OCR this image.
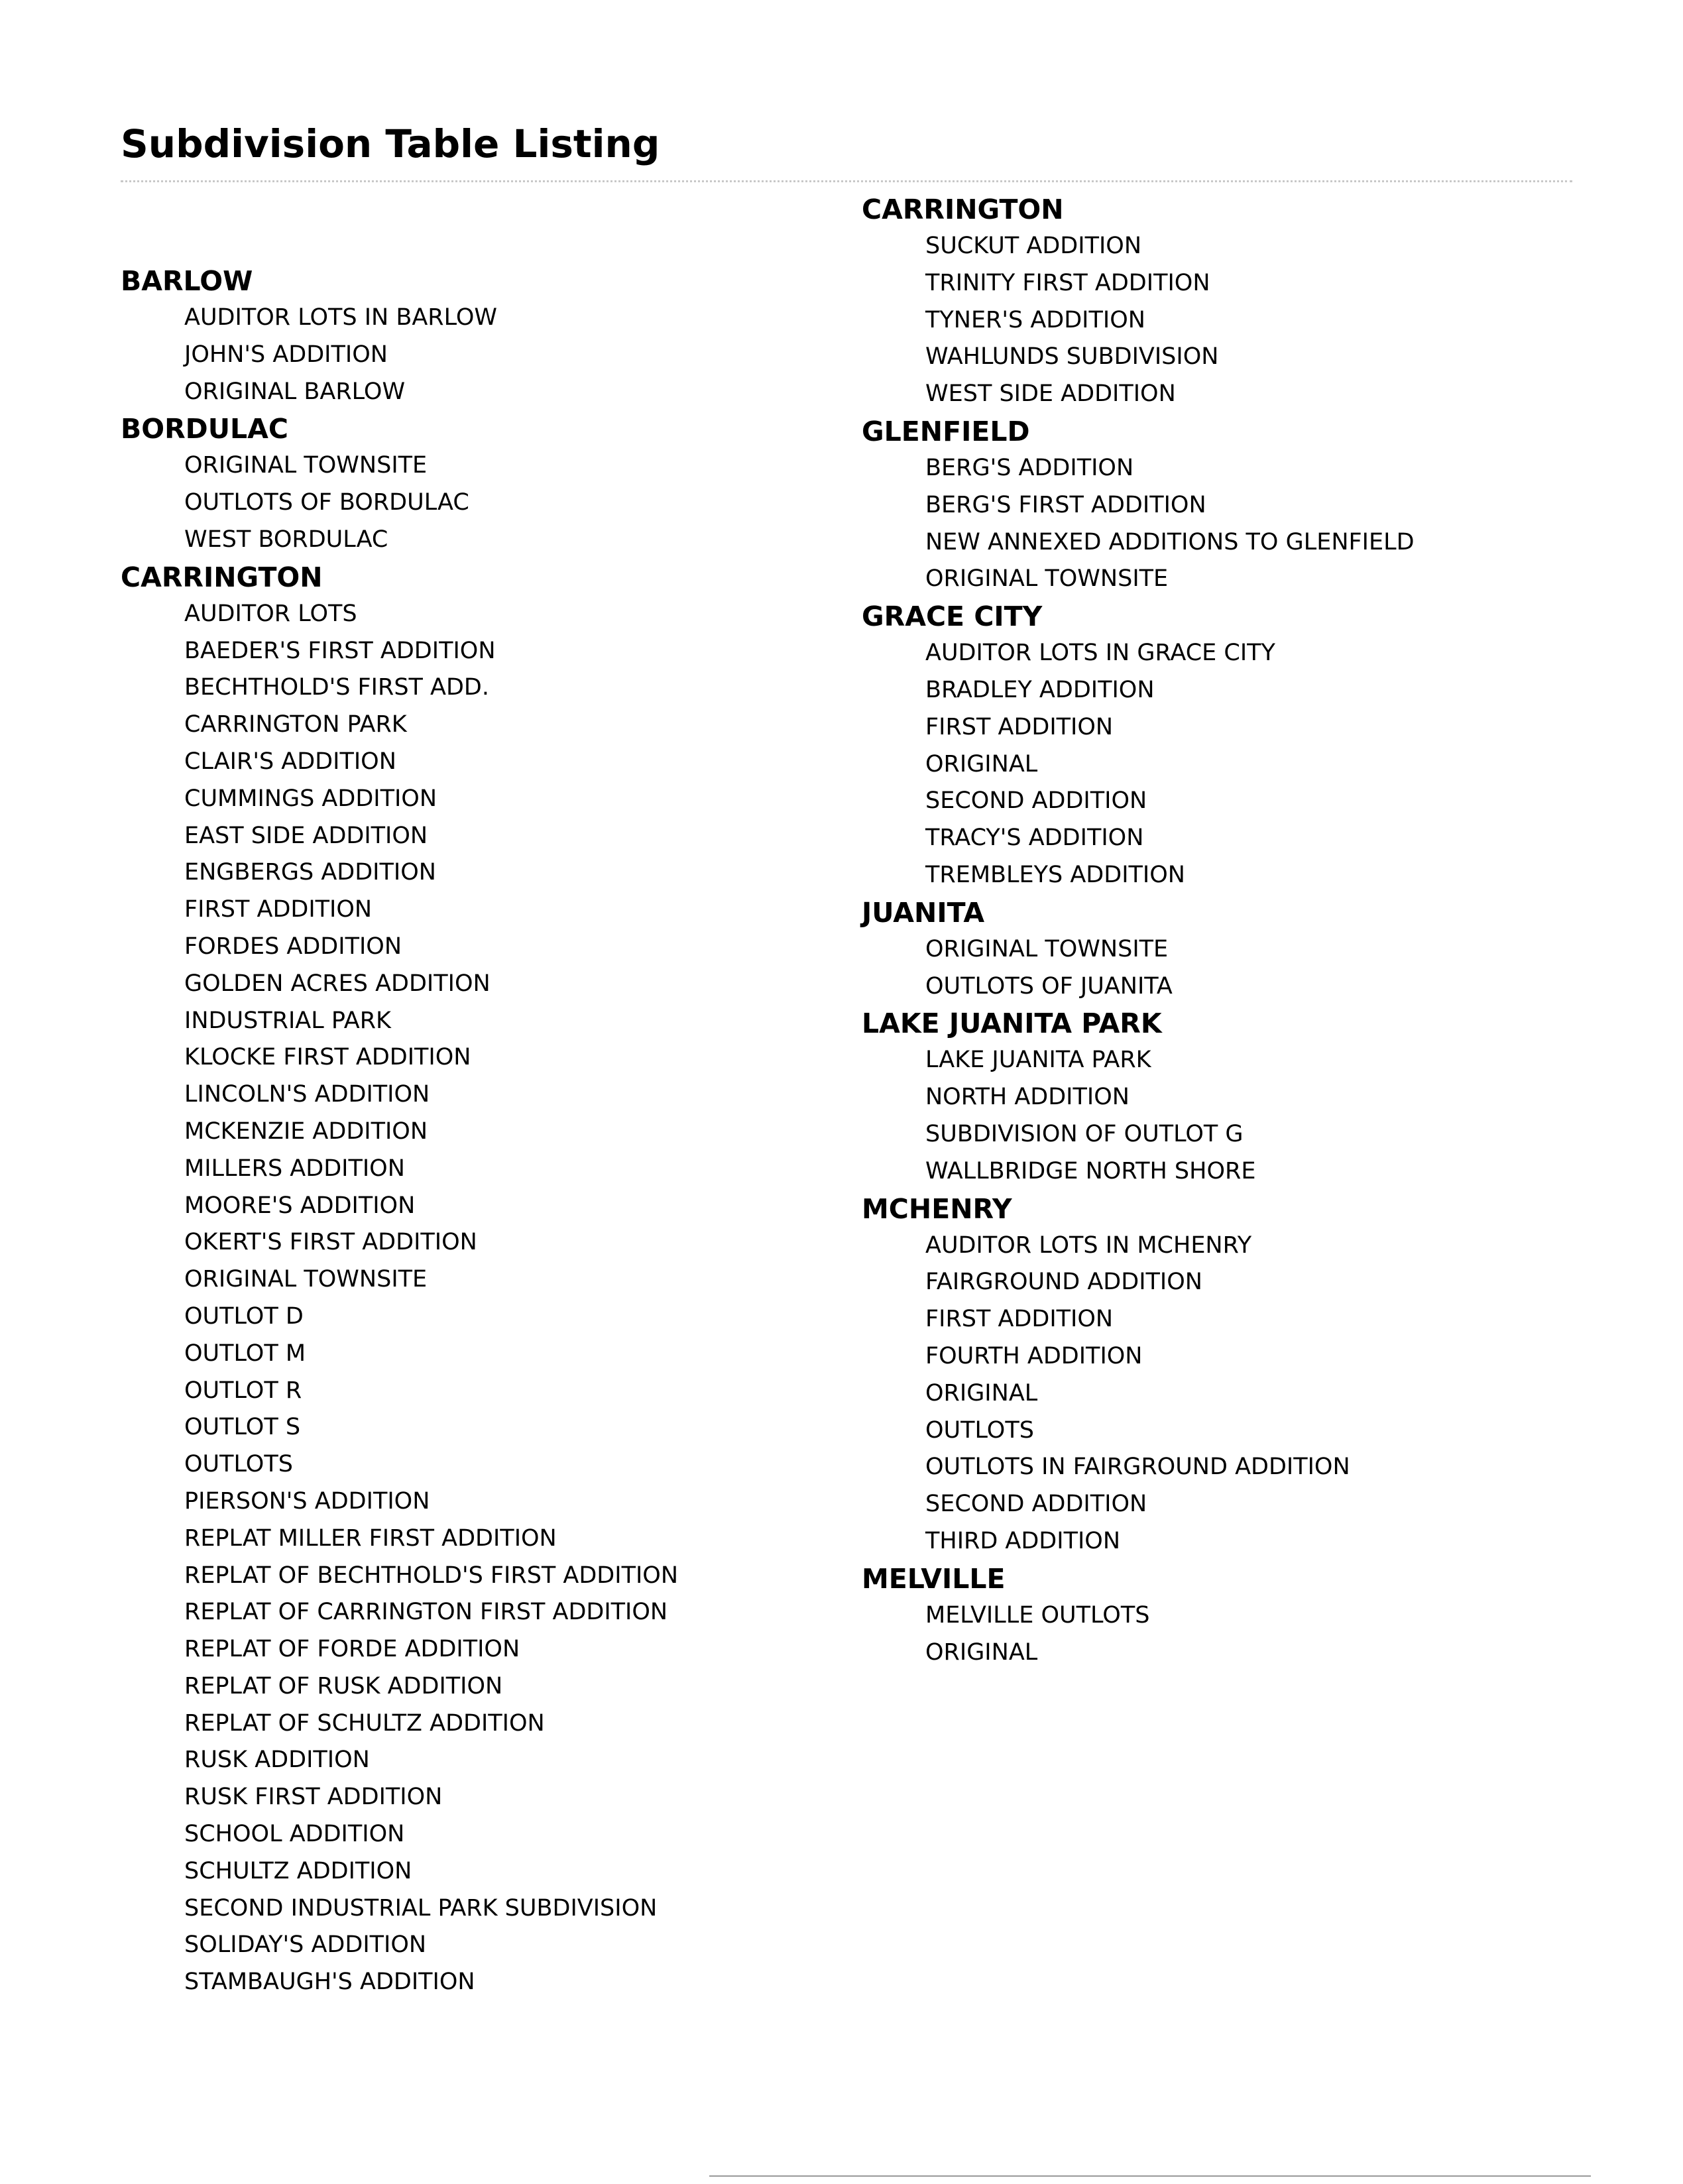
Subdivision Table Listing
BARLOW
AUDITOR LOTS IN BARLOW
JOHN'S ADDITION
ORIGINAL BARLOW
BORDULAC
ORIGINAL TOWNSITE
OUTLOTS OF BORDULAC
WEST BORDULAC
CARRINGTON
AUDITOR LOTS
BAEDER'S FIRST ADDITION
BECHTHOLD'S FIRST ADD.
CARRINGTON PARK
CLAIR'S ADDITION
CUMMINGS ADDITION
EAST SIDE ADDITION
ENGBERGS ADDITION
FIRST ADDITION
FORDES ADDITION
GOLDEN ACRES ADDITION
INDUSTRIAL PARK
KLOCKE FIRST ADDITION
LINCOLN'S ADDITION
MCKENZIE ADDITION
MILLERS ADDITION
MOORE'S ADDITION
OKERT'S FIRST ADDITION
ORIGINAL TOWNSITE
OUTLOT D
OUTLOT M
OUTLOT R
OUTLOT S
OUTLOTS
PIERSON'S ADDITION
REPLAT MILLER FIRST ADDITION
REPLAT OF BECHTHOLD'S FIRST ADDITION
REPLAT OF CARRINGTON FIRST ADDITION
REPLAT OF FORDE ADDITION
REPLAT OF RUSK ADDITION
REPLAT OF SCHULTZ ADDITION
RUSK ADDITION
RUSK FIRST ADDITION
SCHOOL ADDITION
SCHULTZ ADDITION
SECOND INDUSTRIAL PARK SUBDIVISION
SOLIDAY'S ADDITION
STAMBAUGH'S ADDITION
CARRINGTON
SUCKUT ADDITION
TRINITY FIRST ADDITION
TYNER'S ADDITION
WAHLUNDS SUBDIVISION
WEST SIDE ADDITION
GLENFIELD
BERG'S ADDITION
BERG'S FIRST ADDITION
NEW ANNEXED ADDITIONS TO GLENFIELD
ORIGINAL TOWNSITE
GRACE CITY
AUDITOR LOTS IN GRACE CITY
BRADLEY ADDITION
FIRST ADDITION
ORIGINAL
SECOND ADDITION
TRACY'S ADDITION
TREMBLEYS ADDITION
JUANITA
ORIGINAL TOWNSITE
OUTLOTS OF JUANITA
LAKE JUANITA PARK
LAKE JUANITA PARK
NORTH ADDITION
SUBDIVISION OF OUTLOT G
WALLBRIDGE NORTH SHORE
MCHENRY
AUDITOR LOTS IN MCHENRY
FAIRGROUND ADDITION
FIRST ADDITION
FOURTH ADDITION
ORIGINAL
OUTLOTS
OUTLOTS IN FAIRGROUND ADDITION
SECOND ADDITION
THIRD ADDITION
MELVILLE
MELVILLE OUTLOTS
ORIGINAL
